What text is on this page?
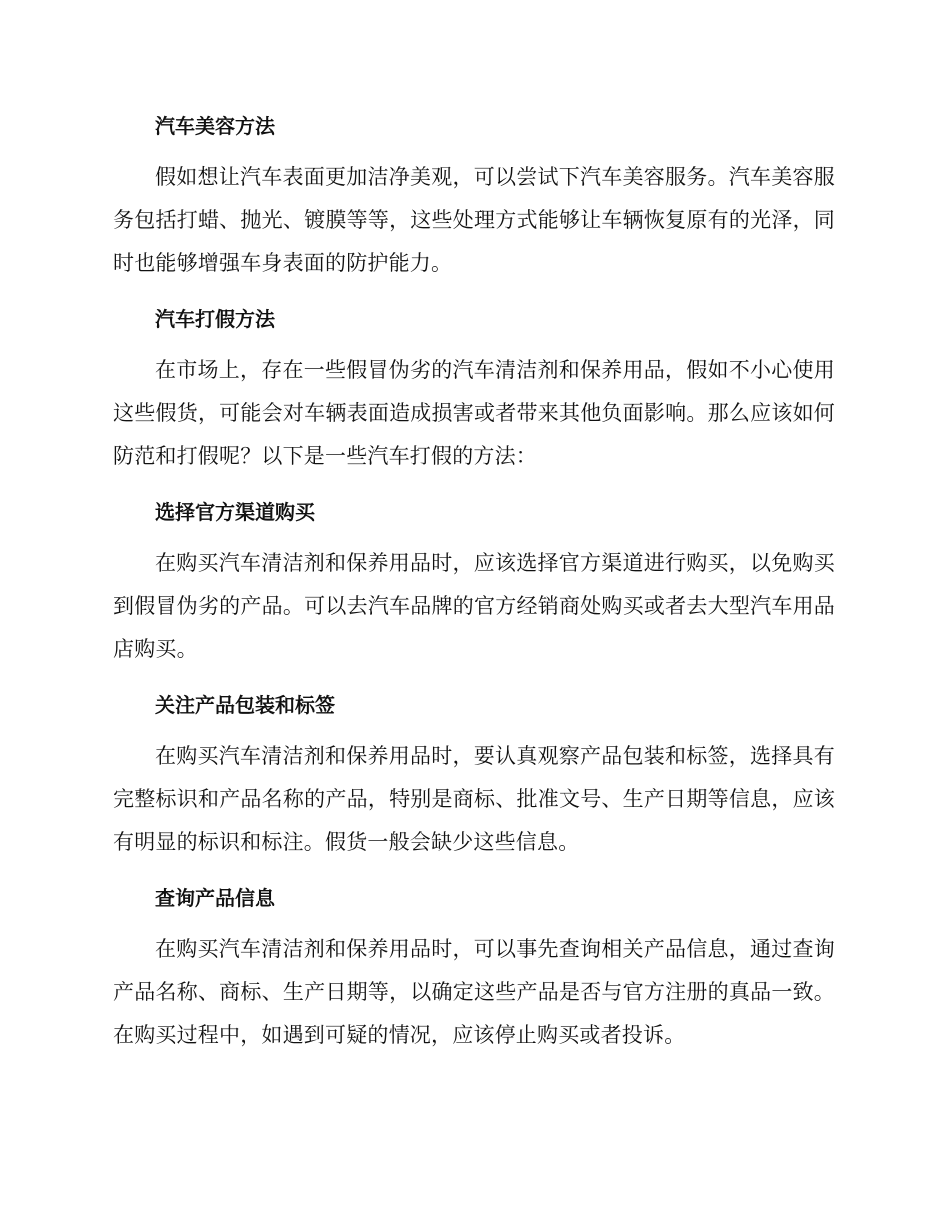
汽车美容方法

假如想让汽车表面更加洁净美观，可以尝试下汽车美容服务。汽车美容服务包括打蜡、抛光、镀膜等等，这些处理方式能够让车辆恢复原有的光泽，同时也能够增强车身表面的防护能力。

汽车打假方法

在市场上，存在一些假冒伪劣的汽车清洁剂和保养用品，假如不小心使用这些假货，可能会对车辆表面造成损害或者带来其他负面影响。那么应该如何防范和打假呢？以下是一些汽车打假的方法：

选择官方渠道购买

在购买汽车清洁剂和保养用品时，应该选择官方渠道进行购买，以免购买到假冒伪劣的产品。可以去汽车品牌的官方经销商处购买或者去大型汽车用品店购买。

关注产品包装和标签

在购买汽车清洁剂和保养用品时，要认真观察产品包装和标签，选择具有完整标识和产品名称的产品，特别是商标、批准文号、生产日期等信息，应该有明显的标识和标注。假货一般会缺少这些信息。

查询产品信息

在购买汽车清洁剂和保养用品时，可以事先查询相关产品信息，通过查询产品名称、商标、生产日期等，以确定这些产品是否与官方注册的真品一致。在购买过程中，如遇到可疑的情况，应该停止购买或者投诉。
